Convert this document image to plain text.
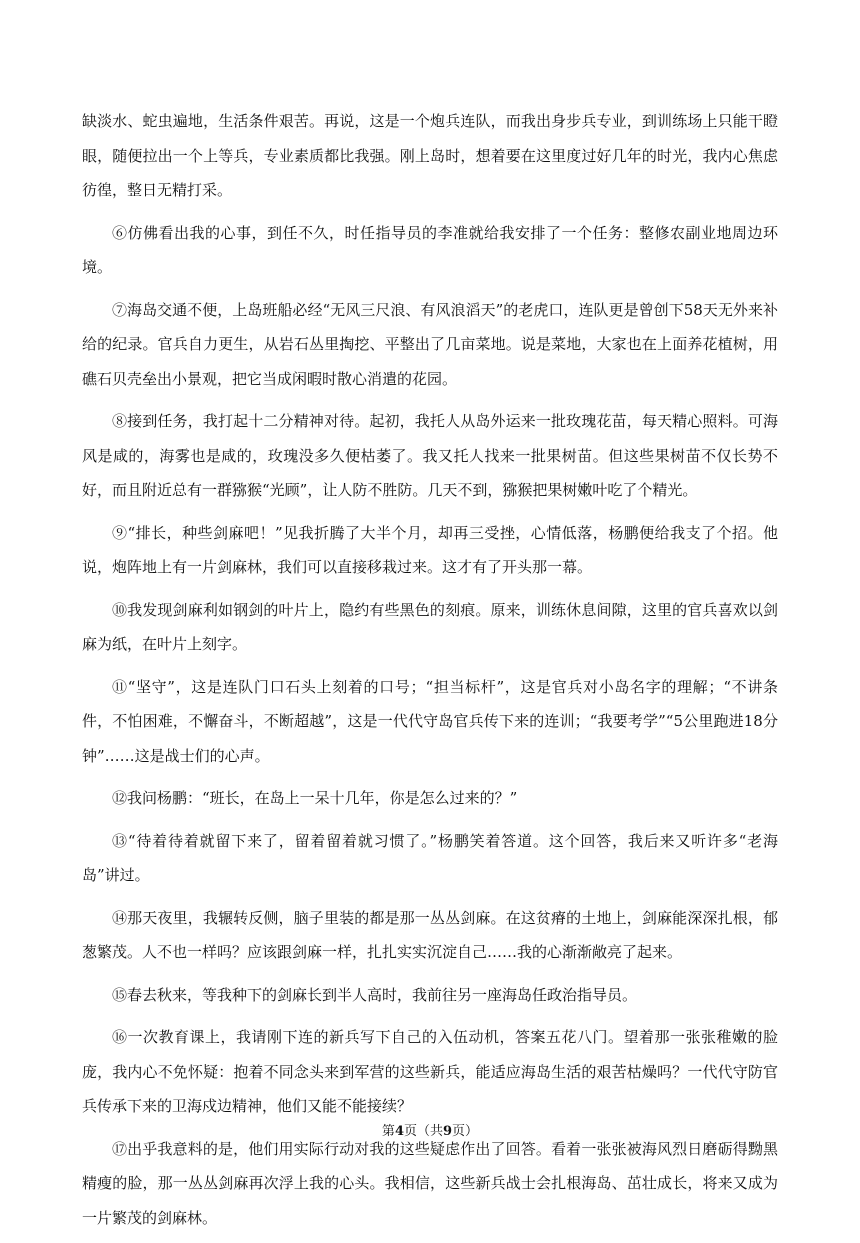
缺淡水、蛇虫遍地，生活条件艰苦。再说，这是一个炮兵连队，而我出身步兵专业，到训练场上只能干瞪眼，随便拉出一个上等兵，专业素质都比我强。刚上岛时，想着要在这里度过好几年的时光，我内心焦虑彷徨，整日无精打采。

⑥仿佛看出我的心事，到任不久，时任指导员的李准就给我安排了一个任务：整修农副业地周边环境。

⑦海岛交通不便，上岛班船必经“无风三尺浪、有风浪滔天”的老虎口，连队更是曾创下58天无外来补给的纪录。官兵自力更生，从岩石丛里掏挖、平整出了几亩菜地。说是菜地，大家也在上面养花植树，用礁石贝壳垒出小景观，把它当成闲暇时散心消遣的花园。

⑧接到任务，我打起十二分精神对待。起初，我托人从岛外运来一批玫瑰花苗，每天精心照料。可海风是咸的，海雾也是咸的，玫瑰没多久便枯萎了。我又托人找来一批果树苗。但这些果树苗不仅长势不好，而且附近总有一群猕猴“光顾”，让人防不胜防。几天不到，猕猴把果树嫩叶吃了个精光。

⑨“排长，种些剑麻吧！”见我折腾了大半个月，却再三受挫，心情低落，杨鹏便给我支了个招。他说，炮阵地上有一片剑麻林，我们可以直接移栽过来。这才有了开头那一幕。

⑩我发现剑麻利如钢剑的叶片上，隐约有些黑色的刻痕。原来，训练休息间隙，这里的官兵喜欢以剑麻为纸，在叶片上刻字。

⑪“坚守”，这是连队门口石头上刻着的口号；“担当标杆”，这是官兵对小岛名字的理解；“不讲条件，不怕困难，不懈奋斗，不断超越”，这是一代代守岛官兵传下来的连训；“我要考学”“5公里跑进18分钟”……这是战士们的心声。

⑫我问杨鹏：“班长，在岛上一呆十几年，你是怎么过来的？”

⑬“待着待着就留下来了，留着留着就习惯了。”杨鹏笑着答道。这个回答，我后来又听许多“老海岛”讲过。

⑭那天夜里，我辗转反侧，脑子里装的都是那一丛丛剑麻。在这贫瘠的土地上，剑麻能深深扎根，郁葱繁茂。人不也一样吗？应该跟剑麻一样，扎扎实实沉淀自己……我的心渐渐敞亮了起来。

⑮春去秋来，等我种下的剑麻长到半人高时，我前往另一座海岛任政治指导员。

⑯一次教育课上，我请刚下连的新兵写下自己的入伍动机，答案五花八门。望着那一张张稚嫩的脸庞，我内心不免怀疑：抱着不同念头来到军营的这些新兵，能适应海岛生活的艰苦枯燥吗？一代代守防官兵传承下来的卫海戍边精神，他们又能不能接续？

⑰出乎我意料的是，他们用实际行动对我的这些疑虑作出了回答。看着一张张被海风烈日磨砺得黝黑精瘦的脸，那一丛丛剑麻再次浮上我的心头。我相信，这些新兵战士会扎根海岛、茁壮成长，将来又成为一片繁茂的剑麻林。

第4页（共9页）
